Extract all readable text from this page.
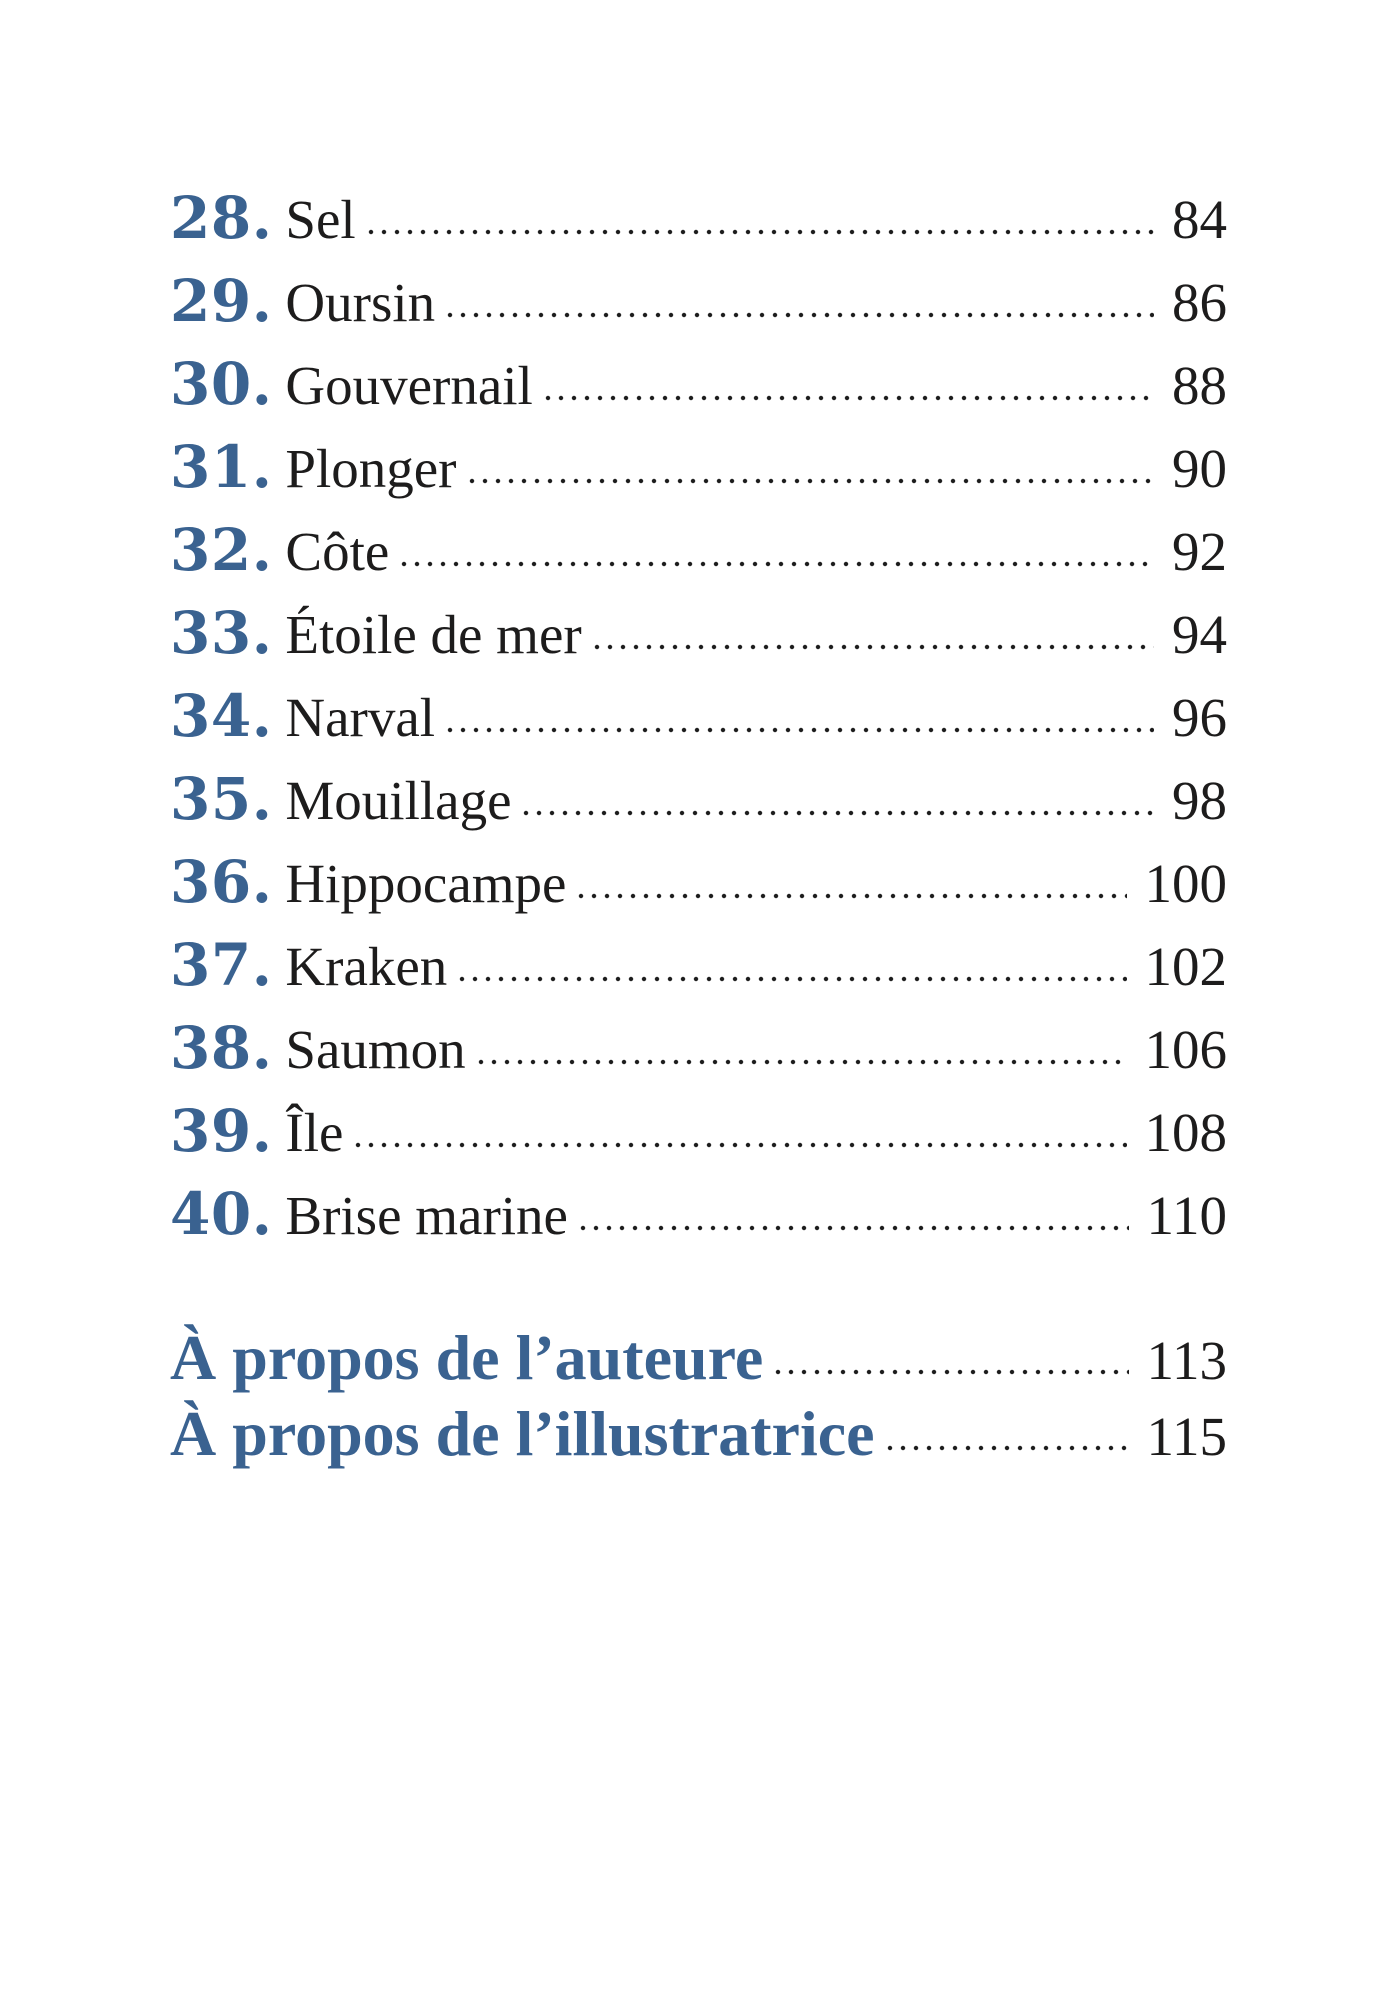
28. Sel	84
29. Oursin	86
30. Gouvernail	88
31. Plonger	90
32. Côte	92
33. Étoile de mer	94
34. Narval	96
35. Mouillage	98
36. Hippocampe	100
37. Kraken	102
38. Saumon	106
39. Île	108
40. Brise marine	110
À propos de l’auteure	113
À propos de l’illustratrice	115
